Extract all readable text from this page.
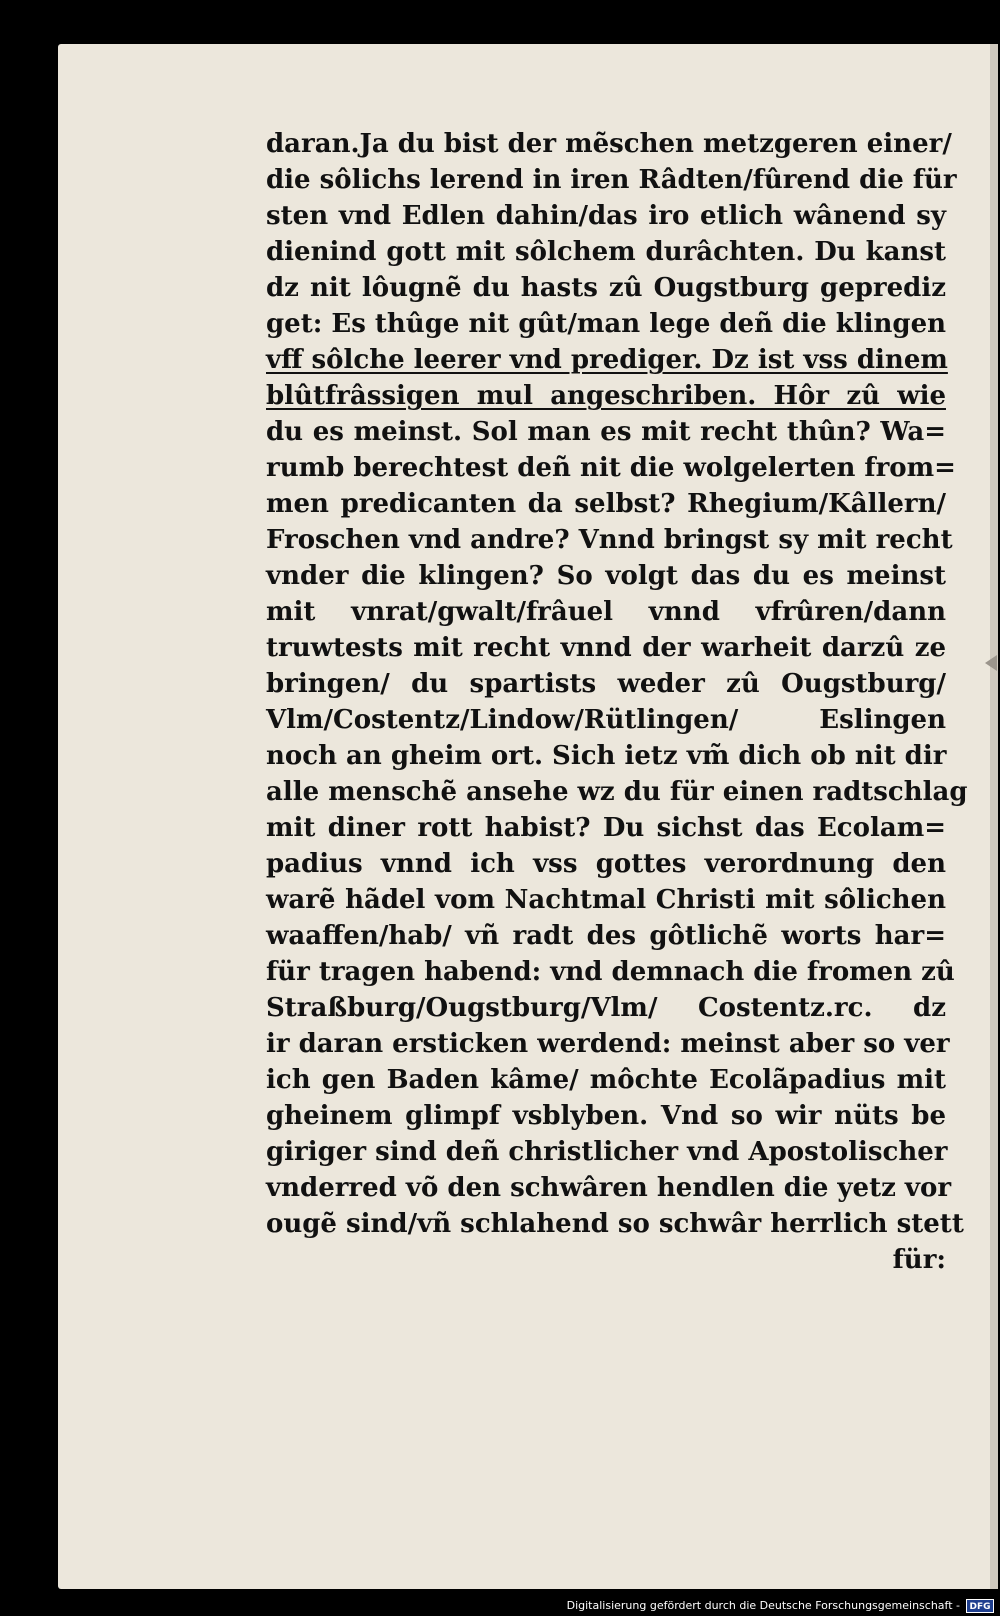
daran.Ja du bist der mẽschen metzgeren einer/
die sôlichs lerend in iren Râdten/fûrend die für
sten vnd Edlen dahin/das iro etlich wânend sy
dienind gott mit sôlchem durâchten. Du kanst
dz nit lôugnẽ du hasts zû Ougstburg geprediz
get: Es thûge nit gût/man lege deñ die klingen
vff sôlche leerer vnd prediger. Dz ist vss dinem
blûtfrâssigen mul angeschriben. Hôr zû wie
du es meinst. Sol man es mit recht thûn? Wa=
rumb berechtest deñ nit die wolgelerten from=
men predicanten da selbst? Rhegium/Kâllern/
Froschen vnd andre? Vnnd bringst sy mit recht
vnder die klingen? So volgt das du es meinst
mit vnrat/gwalt/frâuel vnnd vfrûren/dann
truwtests mit recht vnnd der warheit darzû ze
bringen/ du spartists weder zû Ougstburg/
Vlm/Costentz/Lindow/Rütlingen/ Eslingen
noch an gheim ort. Sich ietz vm̃ dich ob nit dir
alle menschẽ ansehe wz du für einen radtschlag
mit diner rott habist? Du sichst das Ecolam=
padius vnnd ich vss gottes verordnung den
warẽ hãdel vom Nachtmal Christi mit sôlichen
waaffen/hab/ vñ radt des gôtlichẽ worts har=
für tragen habend: vnd demnach die fromen zû
Straßburg/Ougstburg/Vlm/ Costentz.rc. dz
ir daran ersticken werdend: meinst aber so ver
ich gen Baden kâme/ môchte Ecolãpadius mit
gheinem glimpf vsblyben. Vnd so wir nüts be
giriger sind deñ christlicher vnd Apostolischer
vnderred võ den schwâren hendlen die yetz vor
ougẽ sind/vñ schlahend so schwâr herrlich stett
für:
Digitalisierung gefördert durch die Deutsche Forschungsgemeinschaft -	DFG
